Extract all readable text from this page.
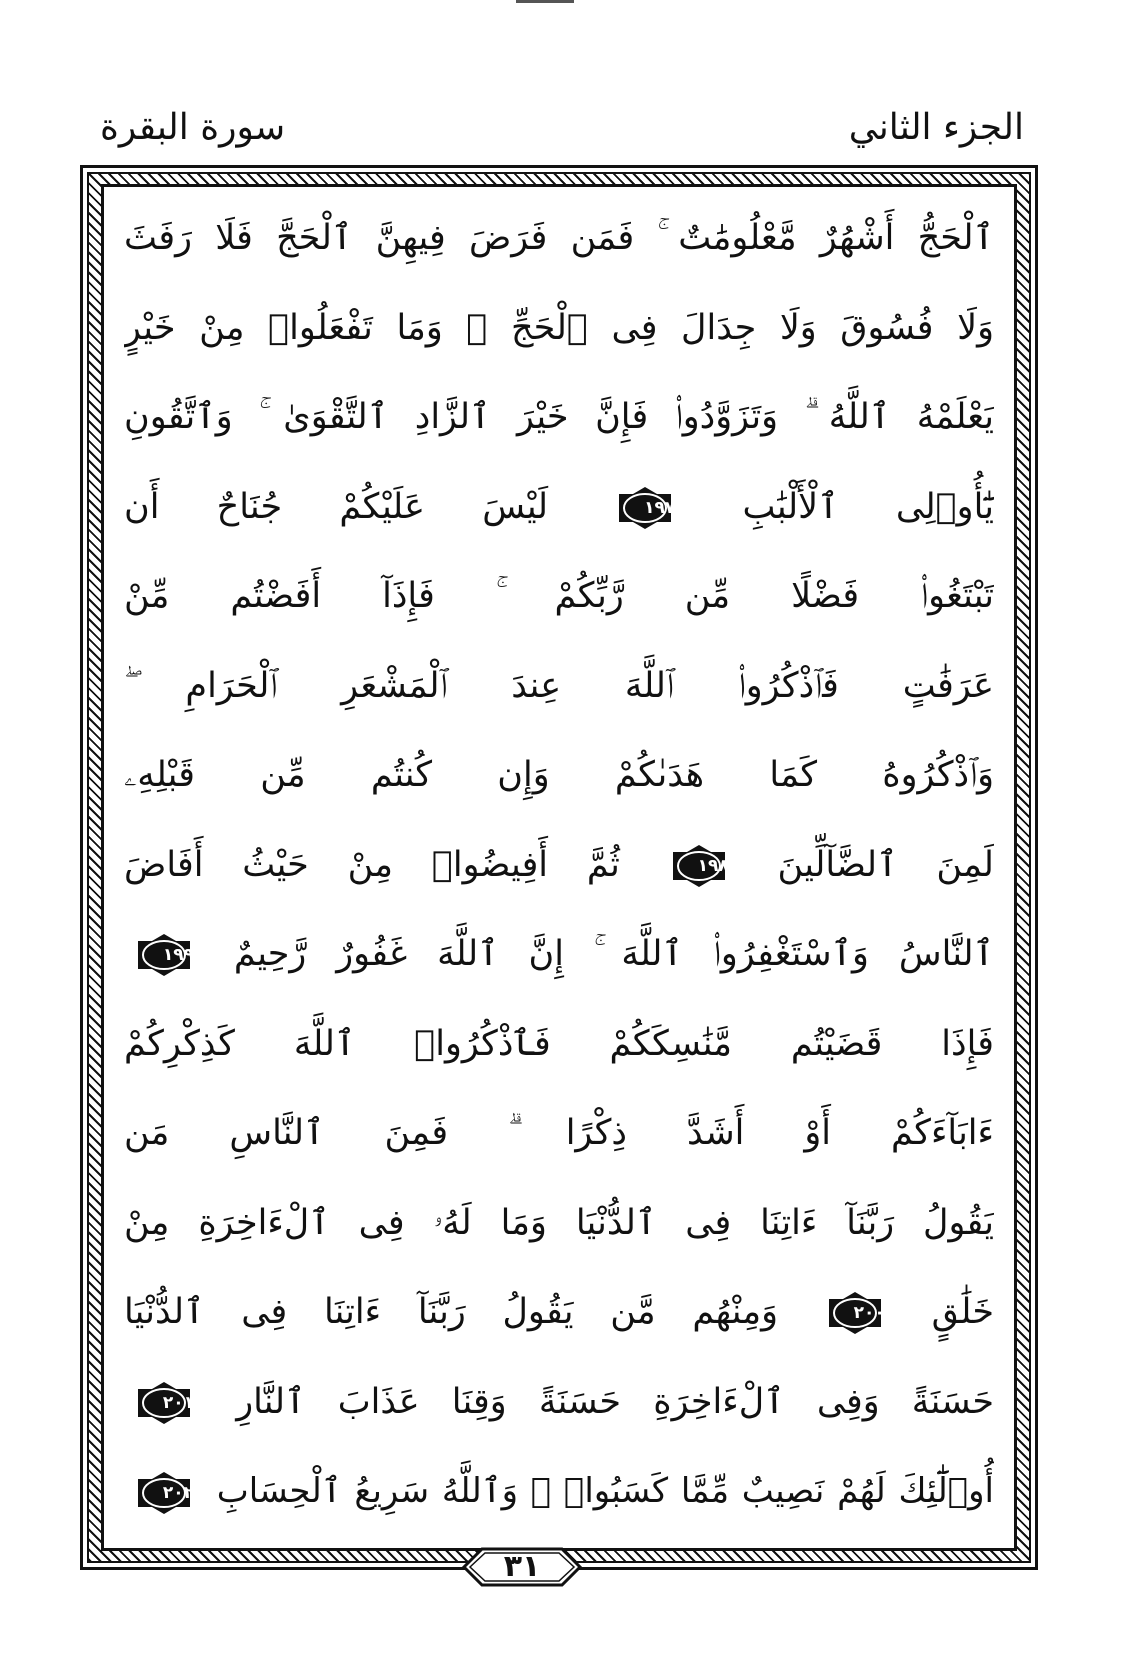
الجزء الثاني
سورة البقرة
ٱلْحَجُّ أَشْهُرٌ مَّعْلُومَٰتٌ ۚ فَمَن فَرَضَ فِيهِنَّ ٱلْحَجَّ فَلَا رَفَثَ
وَلَا فُسُوقَ وَلَا جِدَالَ فِى ٱلْحَجِّ ۗ وَمَا تَفْعَلُوا۟ مِنْ خَيْرٍ
يَعْلَمْهُ ٱللَّهُ ۗ وَتَزَوَّدُوا۟ فَإِنَّ خَيْرَ ٱلزَّادِ ٱلتَّقْوَىٰ ۚ وَٱتَّقُونِ
يَٰٓأُو۟لِى ٱلْأَلْبَٰبِ
١٩٧
لَيْسَ عَلَيْكُمْ جُنَاحٌ أَن
تَبْتَغُوا۟ فَضْلًا مِّن رَّبِّكُمْ ۚ فَإِذَآ أَفَضْتُم مِّنْ
عَرَفَٰتٍ فَٱذْكُرُوا۟ ٱللَّهَ عِندَ ٱلْمَشْعَرِ ٱلْحَرَامِ ۖ
وَٱذْكُرُوهُ كَمَا هَدَىٰكُمْ وَإِن كُنتُم مِّن قَبْلِهِۦ
لَمِنَ ٱلضَّآلِّينَ
١٩٨
ثُمَّ أَفِيضُوا۟ مِنْ حَيْثُ أَفَاضَ
ٱلنَّاسُ وَٱسْتَغْفِرُوا۟ ٱللَّهَ ۚ إِنَّ ٱللَّهَ غَفُورٌ رَّحِيمٌ
١٩٩
فَإِذَا قَضَيْتُم مَّنَٰسِكَكُمْ فَٱذْكُرُوا۟ ٱللَّهَ كَذِكْرِكُمْ
ءَابَآءَكُمْ أَوْ أَشَدَّ ذِكْرًا ۗ فَمِنَ ٱلنَّاسِ مَن
يَقُولُ رَبَّنَآ ءَاتِنَا فِى ٱلدُّنْيَا وَمَا لَهُۥ فِى ٱلْءَاخِرَةِ مِنْ
خَلَٰقٍ
٢٠٠
وَمِنْهُم مَّن يَقُولُ رَبَّنَآ ءَاتِنَا فِى ٱلدُّنْيَا
حَسَنَةً وَفِى ٱلْءَاخِرَةِ حَسَنَةً وَقِنَا عَذَابَ ٱلنَّارِ
٢٠١
أُو۟لَٰٓئِكَ لَهُمْ نَصِيبٌ مِّمَّا كَسَبُوا۟ ۚ وَٱللَّهُ سَرِيعُ ٱلْحِسَابِ
٢٠٢
٣١
